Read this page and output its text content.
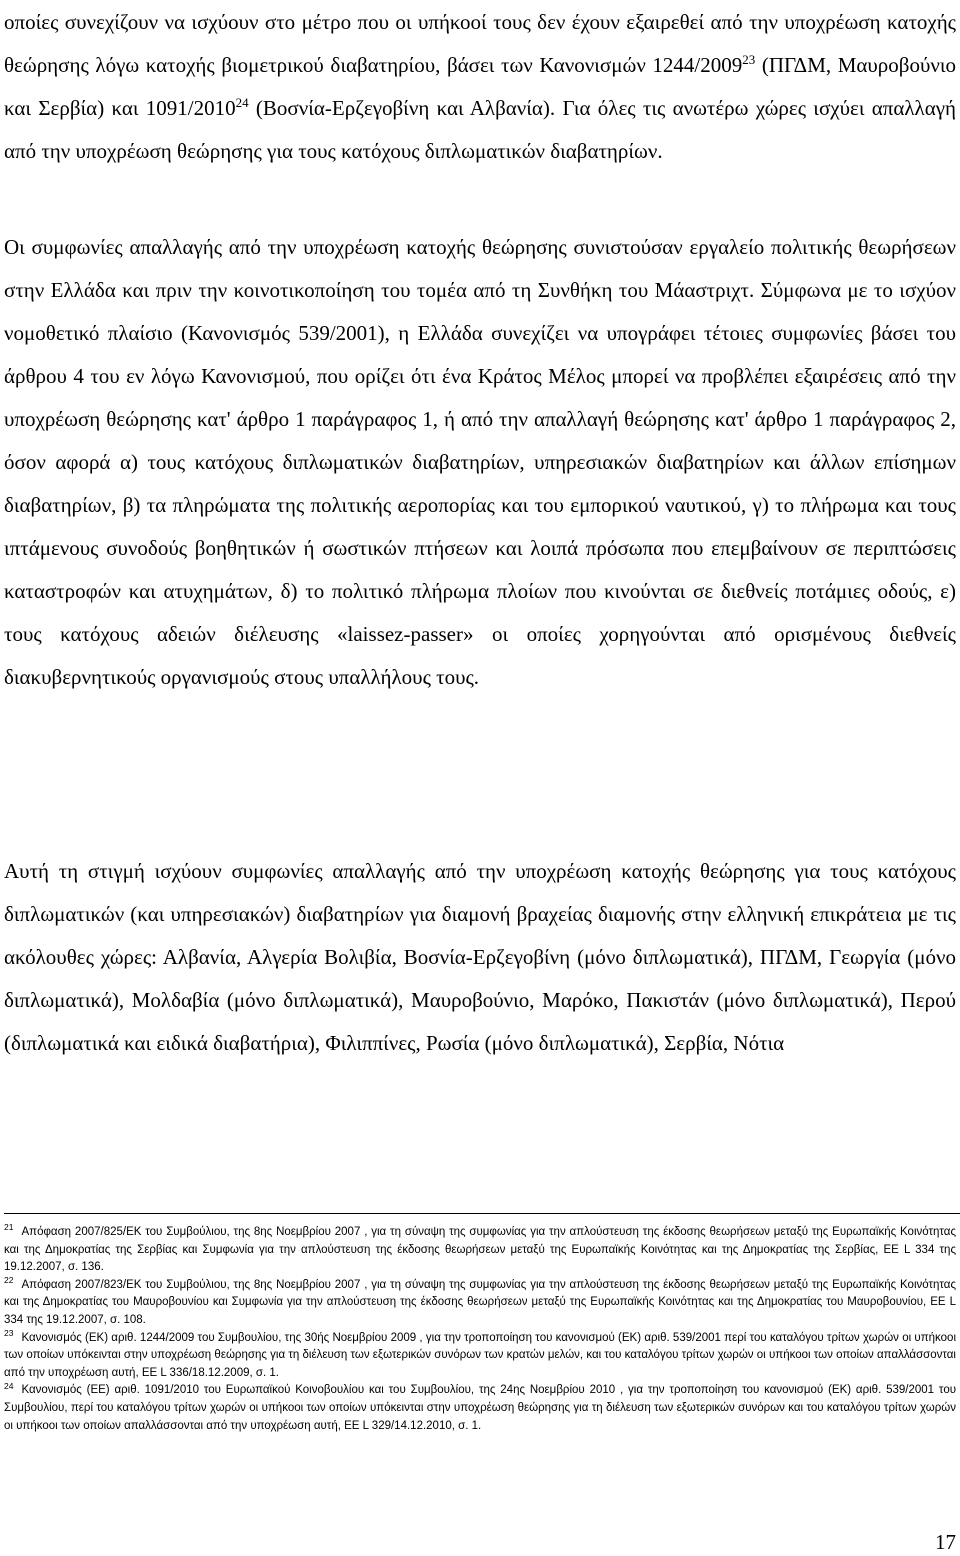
οποίες συνεχίζουν να ισχύουν στο μέτρο που οι υπήκοοί τους δεν έχουν εξαιρεθεί από την υποχρέωση κατοχής θεώρησης λόγω κατοχής βιομετρικού διαβατηρίου, βάσει των Κανονισμών 1244/2009$^{23}$ (ΠΓΔΜ, Μαυροβούνιο και Σερβία) και 1091/2010$^{24}$ (Βοσνία-Ερζεγοβίνη και Αλβανία). Για όλες τις ανωτέρω χώρες ισχύει απαλλαγή από την υποχρέωση θεώρησης για τους κατόχους διπλωματικών διαβατηρίων.

Οι συμφωνίες απαλλαγής από την υποχρέωση κατοχής θεώρησης συνιστούσαν εργαλείο πολιτικής θεωρήσεων στην Ελλάδα και πριν την κοινοτικοποίηση του τομέα από τη Συνθήκη του Μάαστριχτ. Σύμφωνα με το ισχύον νομοθετικό πλαίσιο (Κανονισμός 539/2001), η Ελλάδα συνεχίζει να υπογράφει τέτοιες συμφωνίες βάσει του άρθρου 4 του εν λόγω Κανονισμού, που ορίζει ότι ένα Κράτος Μέλος μπορεί να προβλέπει εξαιρέσεις από την υποχρέωση θεώρησης κατ' άρθρο 1 παράγραφος 1, ή από την απαλλαγή θεώρησης κατ' άρθρο 1 παράγραφος 2, όσον αφορά α) τους κατόχους διπλωματικών διαβατηρίων, υπηρεσιακών διαβατηρίων και άλλων επίσημων διαβατηρίων, β) τα πληρώματα της πολιτικής αεροπορίας και του εμπορικού ναυτικού, γ) το πλήρωμα και τους ιπτάμενους συνοδούς βοηθητικών ή σωστικών πτήσεων και λοιπά πρόσωπα που επεμβαίνουν σε περιπτώσεις καταστροφών και ατυχημάτων, δ) το πολιτικό πλήρωμα πλοίων που κινούνται σε διεθνείς ποτάμιες οδούς, ε) τους κατόχους αδειών διέλευσης «laissez-passer» οι οποίες χορηγούνται από ορισμένους διεθνείς διακυβερνητικούς οργανισμούς στους υπαλλήλους τους.

Αυτή τη στιγμή ισχύουν συμφωνίες απαλλαγής από την υποχρέωση κατοχής θεώρησης για τους κατόχους διπλωματικών (και υπηρεσιακών) διαβατηρίων για διαμονή βραχείας διαμονής στην ελληνική επικράτεια με τις ακόλουθες χώρες: Αλβανία, Αλγερία Βολιβία, Βοσνία-Ερζεγοβίνη (μόνο διπλωματικά), ΠΓΔΜ, Γεωργία (μόνο διπλωματικά), Μολδαβία (μόνο διπλωματικά), Μαυροβούνιο, Μαρόκο, Πακιστάν (μόνο διπλωματικά), Περού (διπλωματικά και ειδικά διαβατήρια), Φιλιππίνες, Ρωσία (μόνο διπλωματικά), Σερβία, Νότια

$^{21}$ Απόφαση 2007/825/ΕΚ του Συμβούλιου, της 8ης Νοεμβρίου 2007 , για τη σύναψη της συμφωνίας για την απλούστευση της έκδοσης θεωρήσεων μεταξύ της Ευρωπαϊκής Κοινότητας και της Δημοκρατίας της Σερβίας και Συμφωνία για την απλούστευση της έκδοσης θεωρήσεων μεταξύ της Ευρωπαϊκής Κοινότητας και της Δημοκρατίας της Σερβίας, ΕΕ L 334 της 19.12.2007, σ. 136.

$^{22}$ Απόφαση 2007/823/ΕΚ του Συμβούλιου, της 8ης Νοεμβρίου 2007 , για τη σύναψη της συμφωνίας για την απλούστευση της έκδοσης θεωρήσεων μεταξύ της Ευρωπαϊκής Κοινότητας και της Δημοκρατίας του Μαυροβουνίου και Συμφωνία για την απλούστευση της έκδοσης θεωρήσεων μεταξύ της Ευρωπαϊκής Κοινότητας και της Δημοκρατίας του Μαυροβουνίου, ΕΕ L 334 της 19.12.2007, σ. 108.

$^{23}$ Κανονισμός (ΕΚ) αριθ. 1244/2009 του Συμβουλίου, της 30ής Νοεμβρίου 2009 , για την τροποποίηση του κανονισμού (ΕΚ) αριθ. 539/2001 περί του καταλόγου τρίτων χωρών οι υπήκοοι των οποίων υπόκεινται στην υποχρέωση θεώρησης για τη διέλευση των εξωτερικών συνόρων των κρατών μελών, και του καταλόγου τρίτων χωρών οι υπήκοοι των οποίων απαλλάσσονται από την υποχρέωση αυτή, ΕΕ L 336/18.12.2009, σ. 1.

$^{24}$ Κανονισμός (ΕΕ) αριθ. 1091/2010 του Ευρωπαϊκού Κοινοβουλίου και του Συμβουλίου, της 24ης Νοεμβρίου 2010 , για την τροποποίηση του κανονισμού (ΕΚ) αριθ. 539/2001 του Συμβουλίου, περί του καταλόγου τρίτων χωρών οι υπήκοοι των οποίων υπόκεινται στην υποχρέωση θεώρησης για τη διέλευση των εξωτερικών συνόρων και του καταλόγου τρίτων χωρών οι υπήκοοι των οποίων απαλλάσσονται από την υποχρέωση αυτή, ΕΕ L 329/14.12.2010, σ. 1.

17
